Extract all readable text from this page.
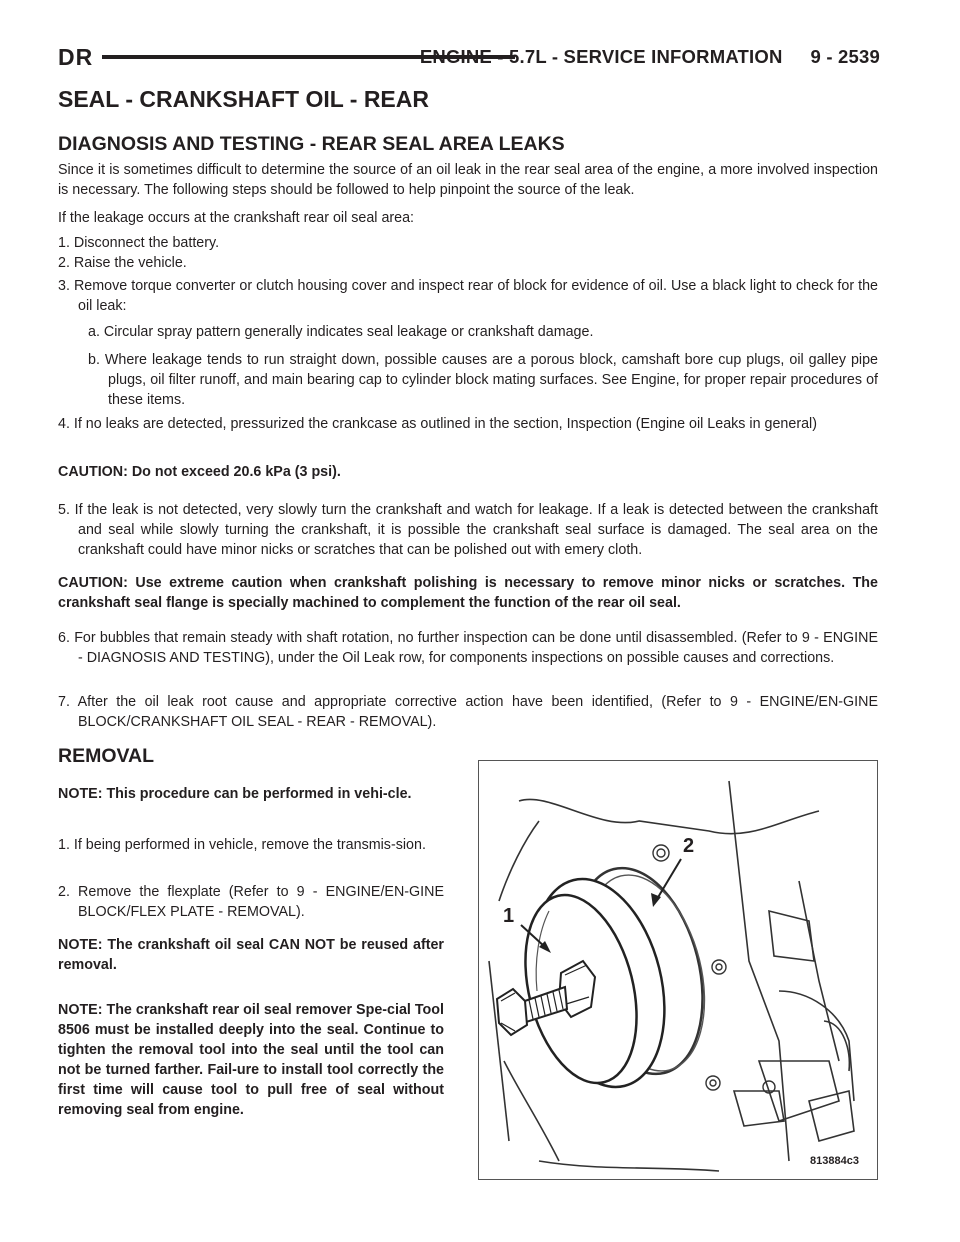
DR	ENGINE - 5.7L - SERVICE INFORMATION 9 - 2539
SEAL - CRANKSHAFT OIL - REAR
DIAGNOSIS AND TESTING - REAR SEAL AREA LEAKS

Since it is sometimes difficult to determine the source of an oil leak in the rear seal area of the engine, a more involved inspection is necessary. The following steps should be followed to help pinpoint the source of the leak.

If the leakage occurs at the crankshaft rear oil seal area:

1. Disconnect the battery.

2. Raise the vehicle.

3. Remove torque converter or clutch housing cover and inspect rear of block for evidence of oil. Use a black light to check for the oil leak:

a. Circular spray pattern generally indicates seal leakage or crankshaft damage.

b. Where leakage tends to run straight down, possible causes are a porous block, camshaft bore cup plugs, oil galley pipe plugs, oil filter runoff, and main bearing cap to cylinder block mating surfaces. See Engine, for proper repair procedures of these items.

4. If no leaks are detected, pressurized the crankcase as outlined in the section, Inspection (Engine oil Leaks in general)

CAUTION: Do not exceed 20.6 kPa (3 psi).

5. If the leak is not detected, very slowly turn the crankshaft and watch for leakage. If a leak is detected between the crankshaft and seal while slowly turning the crankshaft, it is possible the crankshaft seal surface is damaged. The seal area on the crankshaft could have minor nicks or scratches that can be polished out with emery cloth.

CAUTION: Use extreme caution when crankshaft polishing is necessary to remove minor nicks or scratches. The crankshaft seal flange is specially machined to complement the function of the rear oil seal.

6. For bubbles that remain steady with shaft rotation, no further inspection can be done until disassembled. (Refer to 9 - ENGINE - DIAGNOSIS AND TESTING), under the Oil Leak row, for components inspections on possible causes and corrections.

7. After the oil leak root cause and appropriate corrective action have been identified, (Refer to 9 - ENGINE/EN-GINE BLOCK/CRANKSHAFT OIL SEAL - REAR - REMOVAL).

REMOVAL

NOTE: This procedure can be performed in vehi-cle.

1. If being performed in vehicle, remove the transmis-sion.

2. Remove the flexplate (Refer to 9 - ENGINE/EN-GINE BLOCK/FLEX PLATE - REMOVAL).

NOTE: The crankshaft oil seal CAN NOT be reused after removal.

NOTE: The crankshaft rear oil seal remover Spe-cial Tool 8506 must be installed deeply into the seal. Continue to tighten the removal tool into the seal until the tool can not be turned farther. Fail-ure to install tool correctly the first time will cause tool to pull free of seal without removing seal from engine.

1
2
813884c3
